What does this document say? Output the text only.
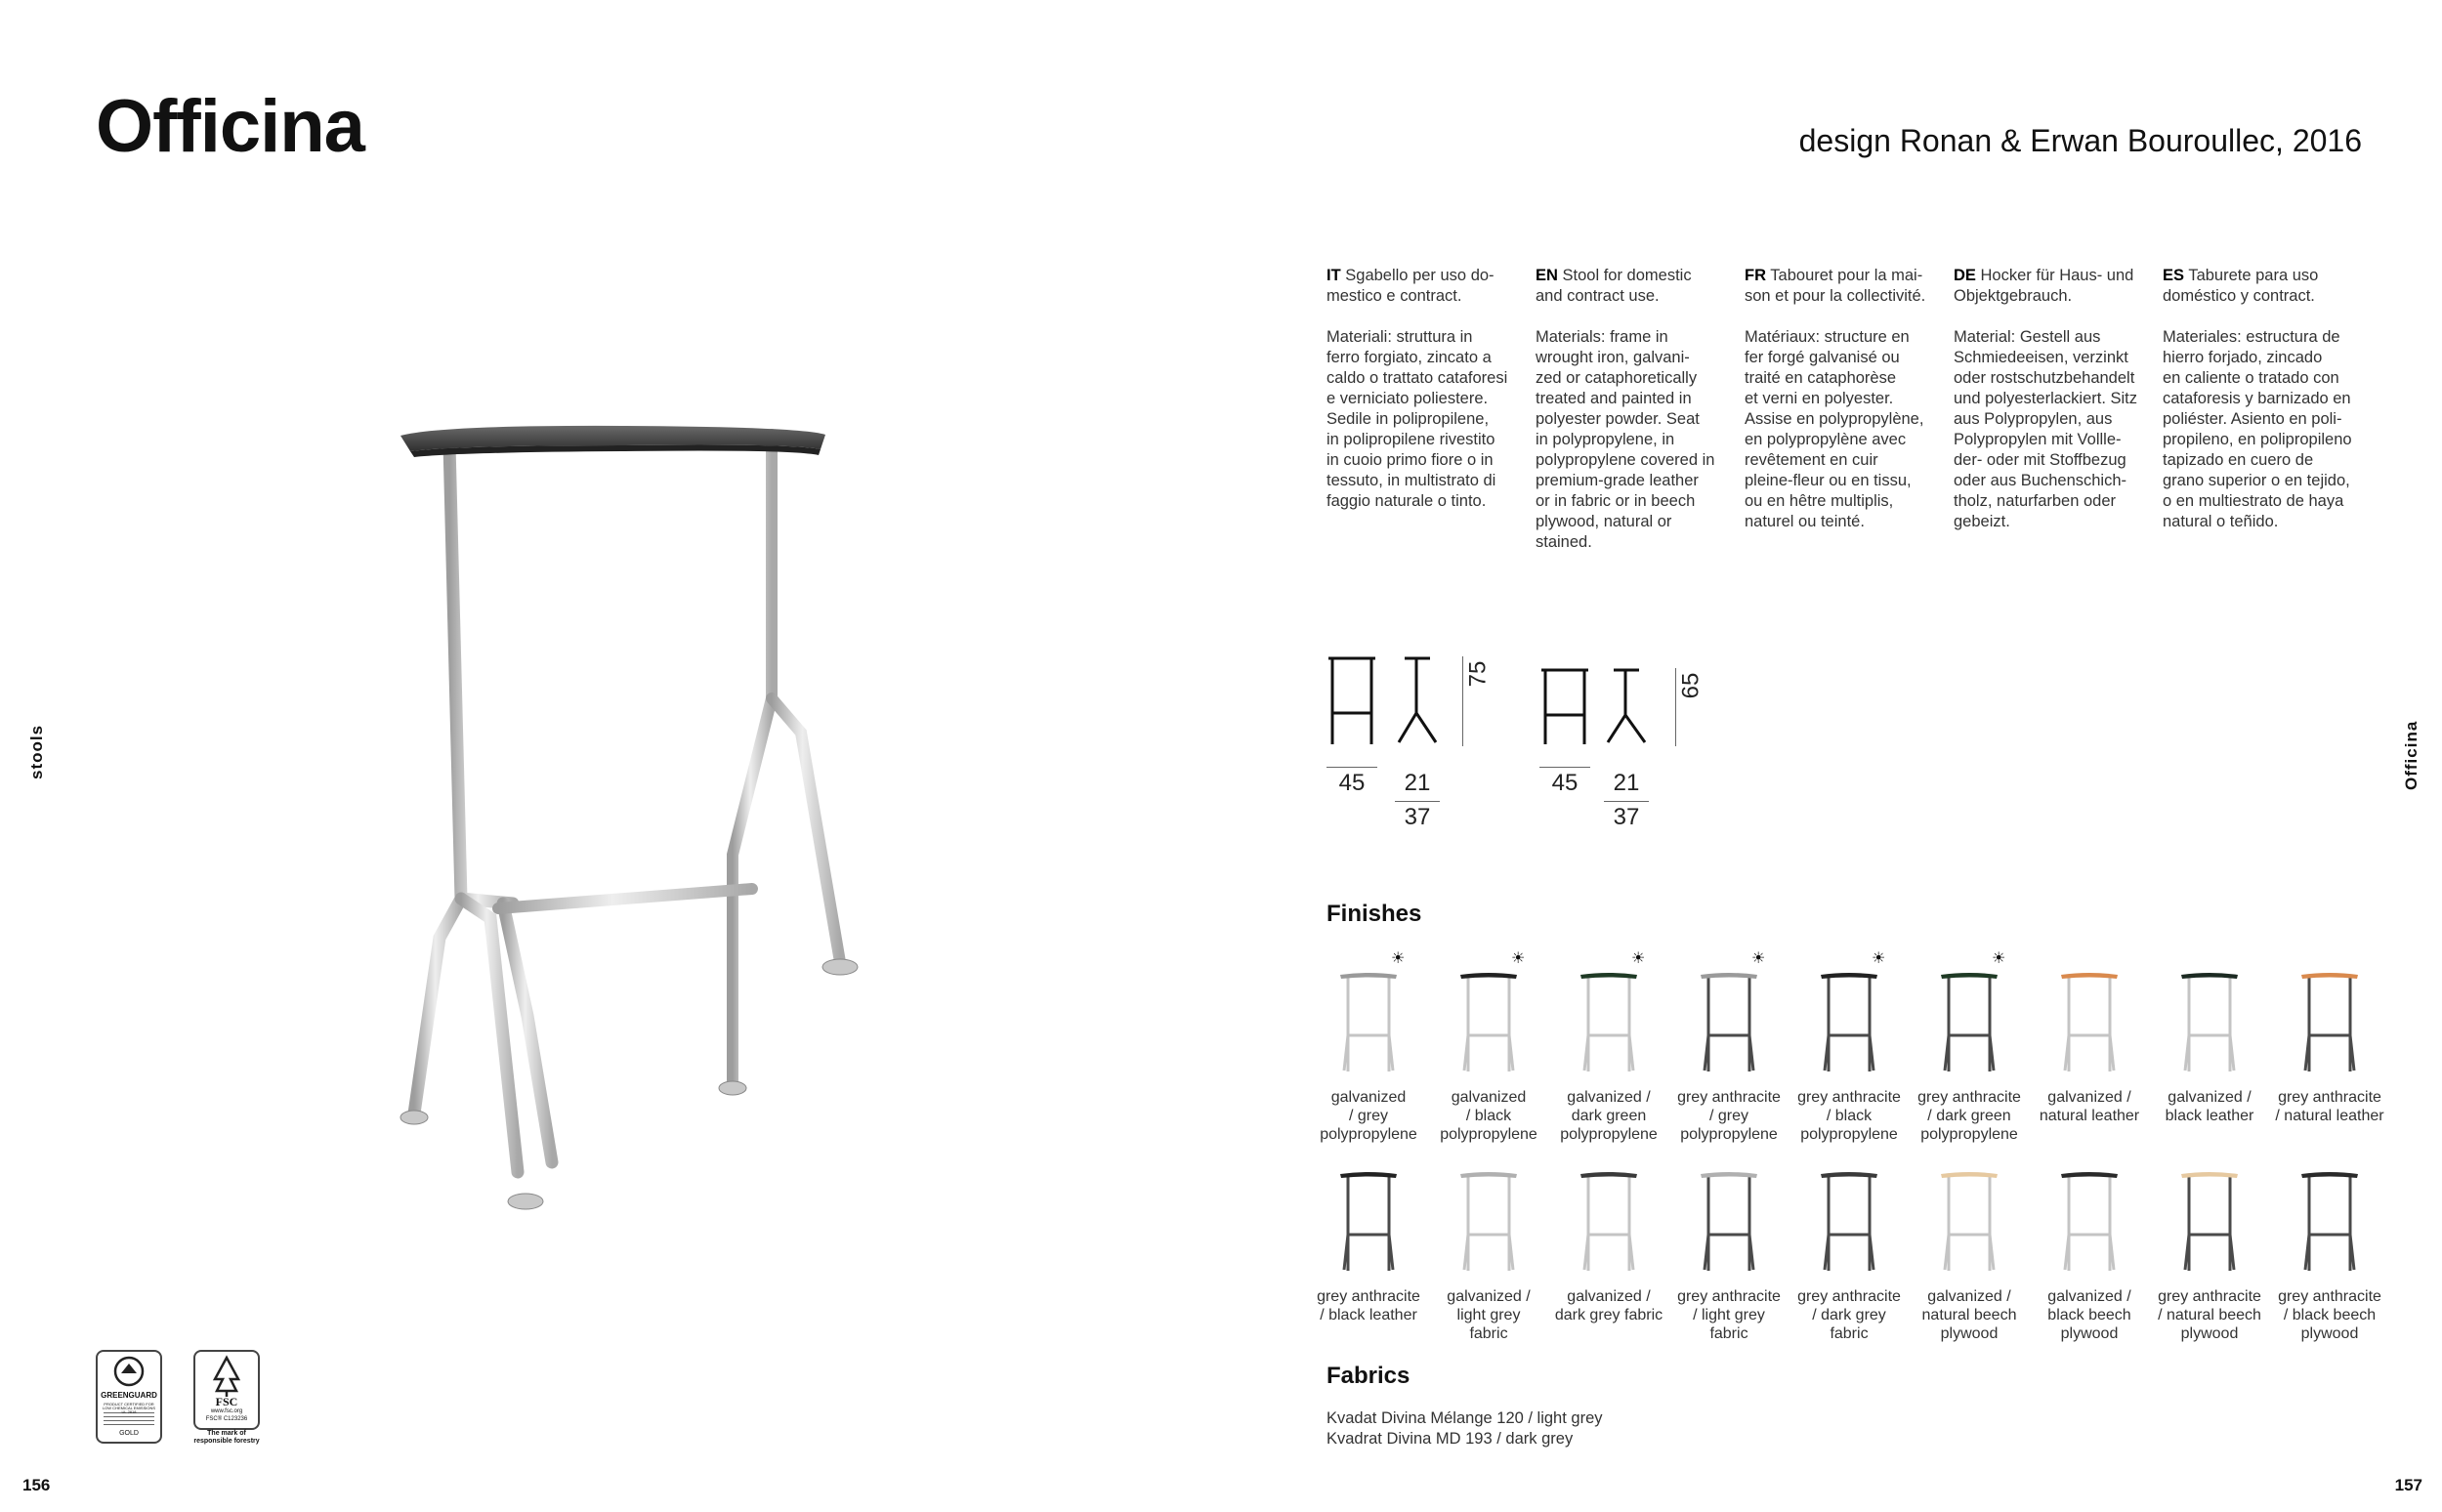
Officina	design Ronan & Erwan Bouroullec, 2016
stools	Officina
156	157

IT Sgabello per uso do-
mestico e contract.

Materiali: struttura in
ferro forgiato, zincato a
caldo o trattato cataforesi
e verniciato poliestere.
Sedile in polipropilene,
in polipropilene rivestito
in cuoio primo fiore o in
tessuto, in multistrato di
faggio naturale o tinto.

EN Stool for domestic
and contract use.

Materials: frame in
wrought iron, galvani-
zed or cataphoretically
treated and painted in
polyester powder. Seat
in polypropylene, in
polypropylene covered in
premium-grade leather
or in fabric or in beech
plywood, natural or
stained.

FR Tabouret pour la mai-
son et pour la collectivité.

Matériaux: structure en
fer forgé galvanisé ou
traité en cataphorèse
et verni en polyester.
Assise en polypropylène,
en polypropylène avec
revêtement en cuir
pleine-fleur ou en tissu,
ou en hêtre multiplis,
naturel ou teinté.

DE Hocker für Haus- und
Objektgebrauch.

Material: Gestell aus
Schmiedeeisen, verzinkt
oder rostschutzbehandelt
und polyesterlackiert. Sitz
aus Polypropylen, aus
Polypropylen mit Vollle-
der- oder mit Stoffbezug
oder aus Buchenschich-
tholz, naturfarben oder
gebeizt.

ES Taburete para uso
doméstico y contract.

Materiales: estructura de
hierro forjado, zincado
en caliente o tratado con
cataforesis y barnizado en
poliéster. Asiento en poli-
propileno, en polipropileno
tapizado en cuero de
grano superior o en tejido,
o en multiestrato de haya
natural o teñido.

75
45	21
37
65
45	21
37
Finishes
galvanized
/ grey
polypropylene
☀
galvanized
/ black
polypropylene
☀
galvanized /
dark green
polypropylene
☀
grey anthracite
/ grey
polypropylene
☀
grey anthracite
/ black
polypropylene
☀
grey anthracite
/ dark green
polypropylene
☀
galvanized /
natural leather
galvanized /
black leather
grey anthracite
/ natural leather
grey anthracite
/ black leather
galvanized /
light grey
fabric
galvanized /
dark grey fabric
grey anthracite
/ light grey
fabric
grey anthracite
/ dark grey
fabric
galvanized /
natural beech
plywood
galvanized /
black beech
plywood
grey anthracite
/ natural beech
plywood
grey anthracite
/ black beech
plywood
Fabrics
Kvadat Divina Mélange 120 / light grey
Kvadrat Divina MD 193 / dark grey
GREENGUARD
GOLD
PRODUCT CERTIFIED FOR LOW CHEMICAL EMISSIONS UL 2818
FSC
www.fsc.org
FSC® C123236
The mark of responsible forestry
